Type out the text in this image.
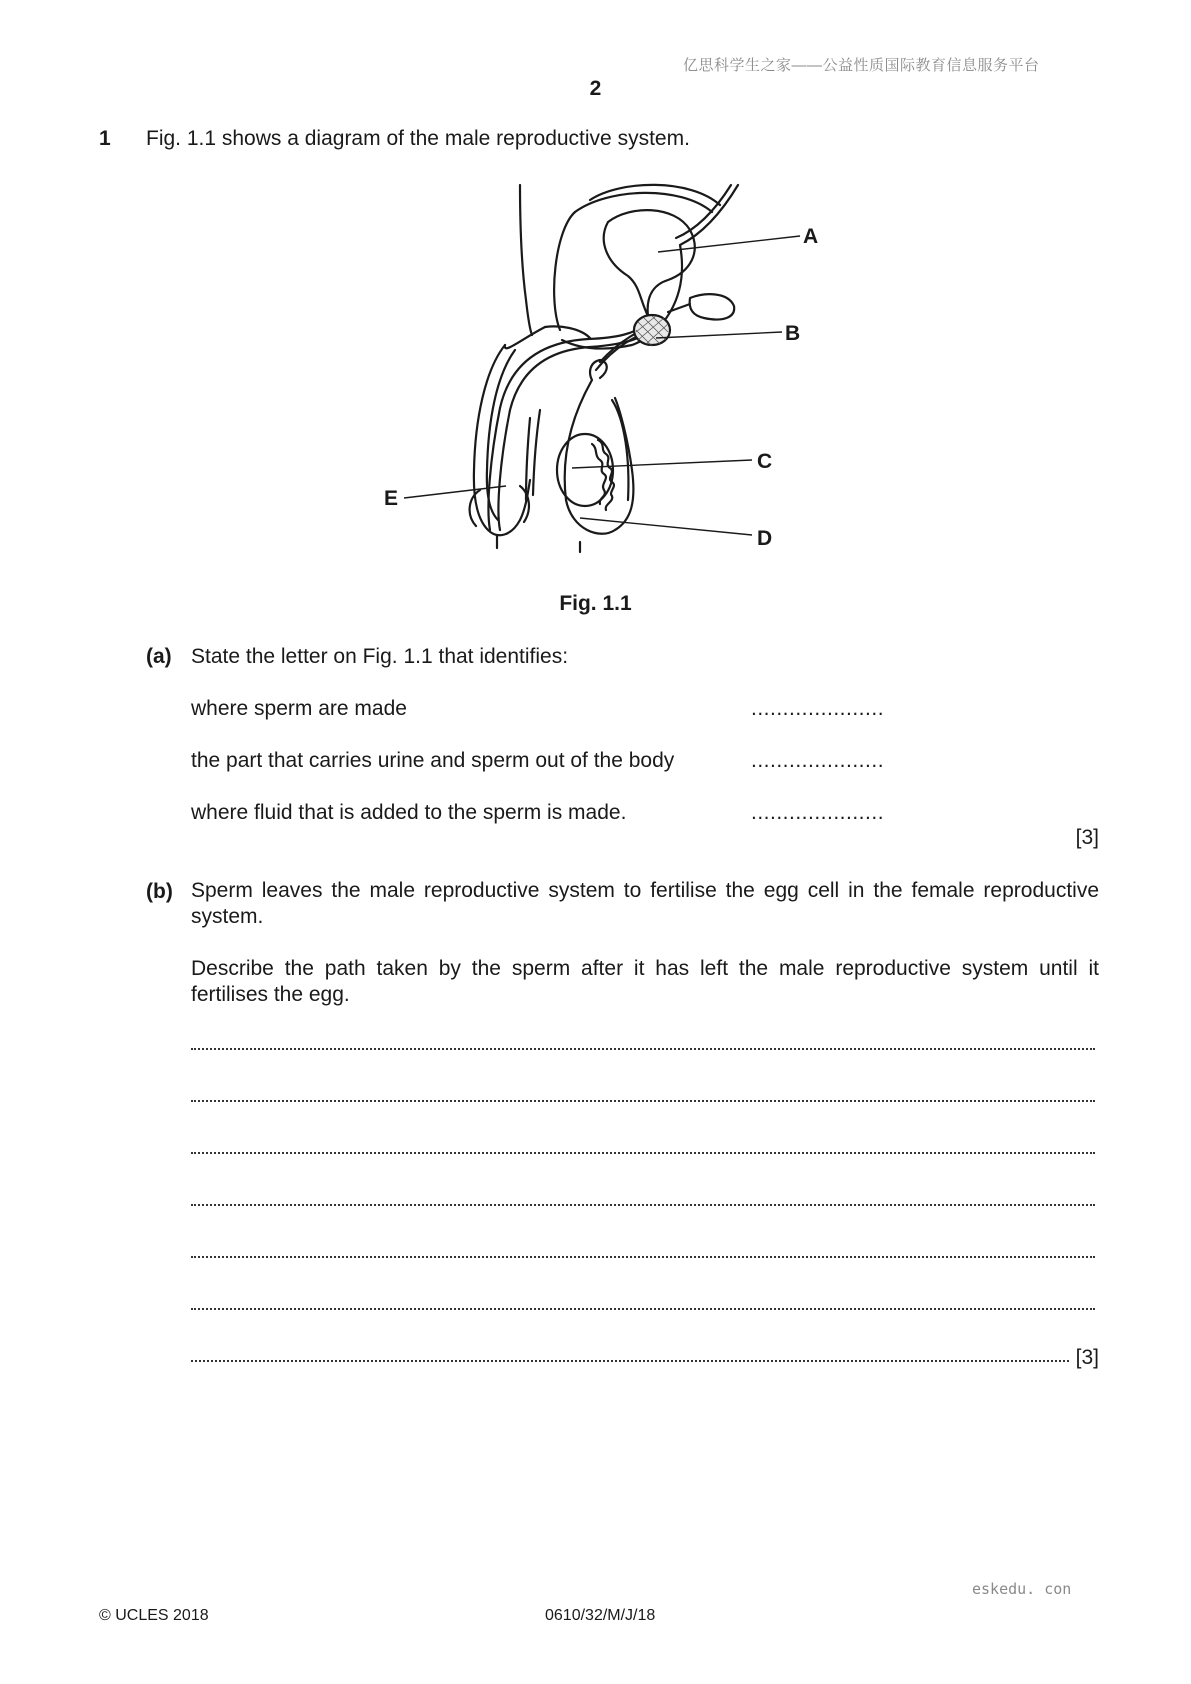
亿思科学生之家——公益性质国际教育信息服务平台
2
1 Fig. 1.1 shows a diagram of the male reproductive system.
A
B
C
D
E
Fig. 1.1
(a) State the letter on Fig. 1.1 that identifies:
where sperm are made	.....................
the part that carries urine and sperm out of the body	.....................
where fluid that is added to the sperm is made.	.....................
[3]
(b) Sperm leaves the male reproductive system to fertilise the egg cell in the female reproductive system.
Describe the path taken by the sperm after it has left the male reproductive system until it fertilises the egg.
[3]
eskedu. con
© UCLES 2018	0610/32/M/J/18
